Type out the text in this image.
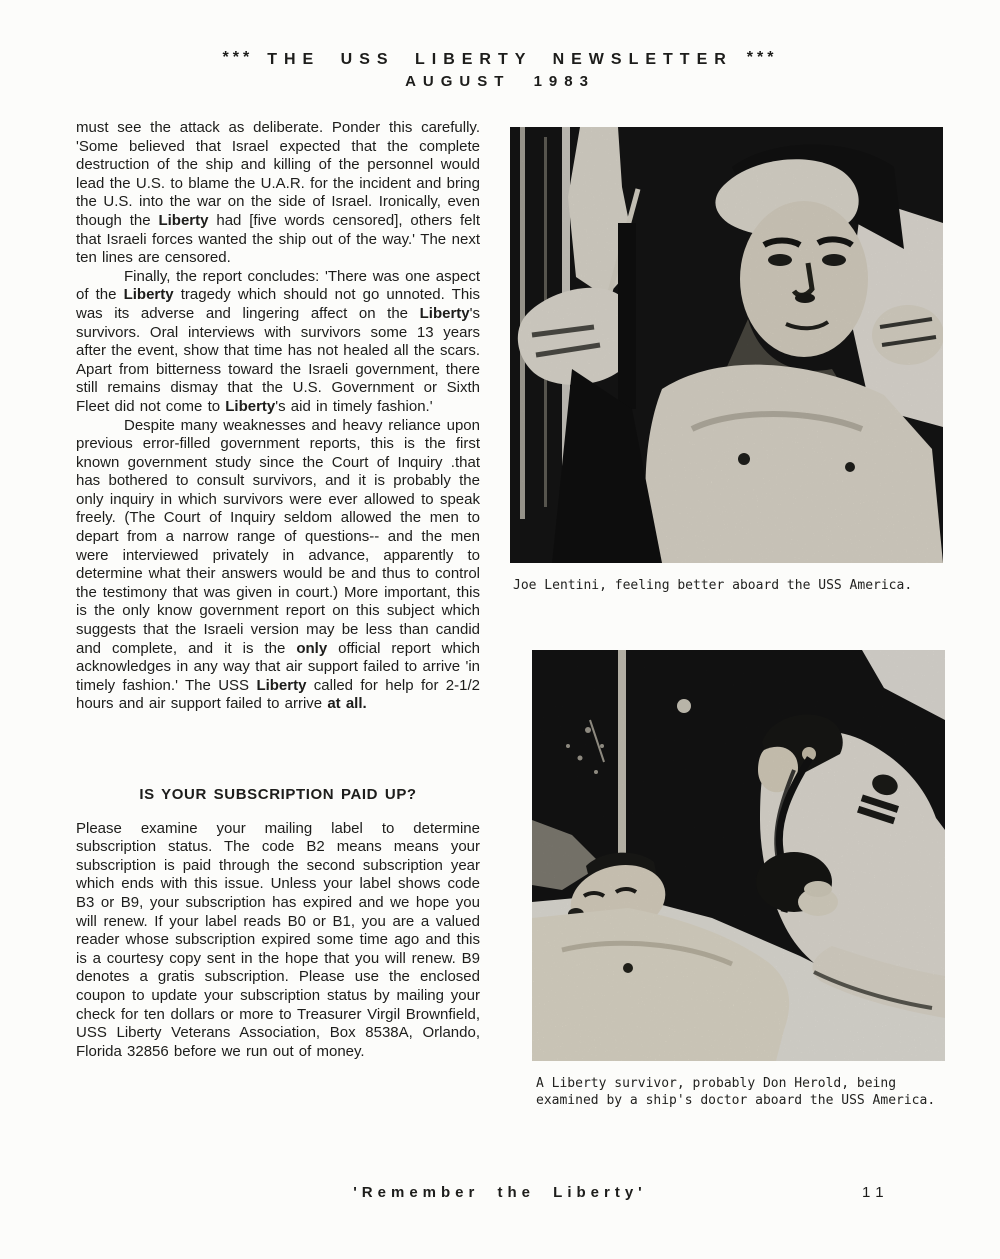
*** THE USS LIBERTY NEWSLETTER ***
AUGUST 1983

must see the attack as deliberate. Ponder this carefully. 'Some believed that Israel expected that the complete destruction of the ship and killing of the personnel would lead the U.S. to blame the U.A.R. for the incident and bring the U.S. into the war on the side of Israel. Ironically, even though the Liberty had [five words censored], others felt that Israeli forces wanted the ship out of the way.' The next ten lines are censored.

Finally, the report concludes: 'There was one aspect of the Liberty tragedy which should not go unnoted. This was its adverse and lingering affect on the Liberty's survivors. Oral interviews with survivors some 13 years after the event, show that time has not healed all the scars. Apart from bitterness toward the Israeli government, there still remains dismay that the U.S. Government or Sixth Fleet did not come to Liberty's aid in timely fashion.'

Despite many weaknesses and heavy reliance upon previous error-filled government reports, this is the first known government study since the Court of Inquiry .that has bothered to consult survivors, and it is probably the only inquiry in which survivors were ever allowed to speak freely. (The Court of Inquiry seldom allowed the men to depart from a narrow range of questions-- and the men were interviewed privately in advance, apparently to determine what their answers would be and thus to control the testimony that was given in court.) More important, this is the only know government report on this subject which suggests that the Israeli version may be less than candid and complete, and it is the only official report which acknowledges in any way that air support failed to arrive 'in timely fashion.' The USS Liberty called for help for 2-1/2 hours and air support failed to arrive at all.

IS YOUR SUBSCRIPTION PAID UP?

Please examine your mailing label to determine subscription status. The code B2 means means your subscription is paid through the second subscription year which ends with this issue. Unless your label shows code B3 or B9, your subscription has expired and we hope you will renew. If your label reads B0 or B1, you are a valued reader whose subscription expired some time ago and this is a courtesy copy sent in the hope that you will renew. B9 denotes a gratis subscription. Please use the enclosed coupon to update your subscription status by mailing your check for ten dollars or more to Treasurer Virgil Brownfield, USS Liberty Veterans Association, Box 8538A, Orlando, Florida 32856 before we run out of money.

Joe Lentini, feeling better aboard the USS America.
A Liberty survivor, probably Don Herold, being examined by a ship's doctor aboard the USS America.
'Remember the Liberty'	11
